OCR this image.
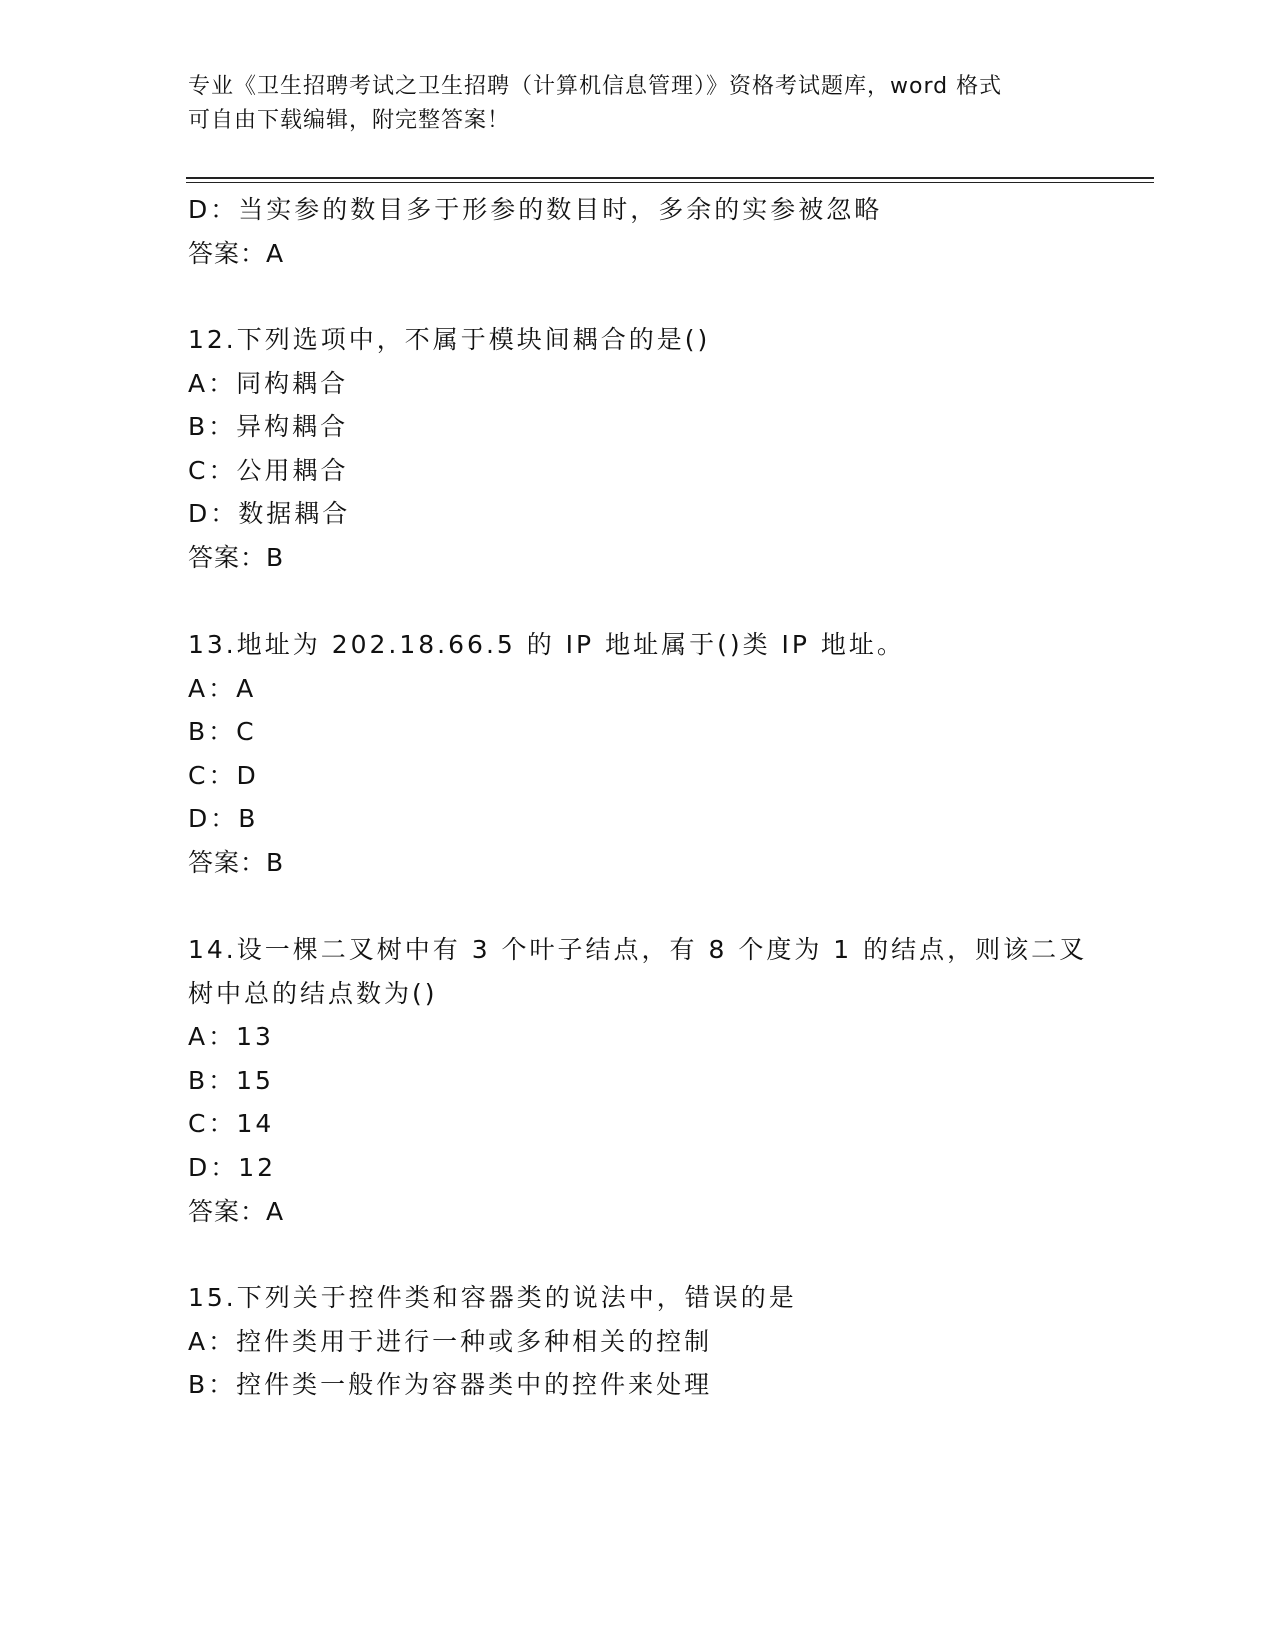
专业《卫生招聘考试之卫生招聘（计算机信息管理）》资格考试题库，word 格式
可自由下载编辑，附完整答案！
D：当实参的数目多于形参的数目时，多余的实参被忽略
答案：A
12.下列选项中，不属于模块间耦合的是()
A：同构耦合
B：异构耦合
C：公用耦合
D：数据耦合
答案：B
13.地址为 202.18.66.5 的 IP 地址属于()类 IP 地址。
A：A
B：C
C：D
D：B
答案：B
14.设一棵二叉树中有 3 个叶子结点，有 8 个度为 1 的结点，则该二叉
树中总的结点数为()
A：13
B：15
C：14
D：12
答案：A
15.下列关于控件类和容器类的说法中，错误的是
A：控件类用于进行一种或多种相关的控制
B：控件类一般作为容器类中的控件来处理
